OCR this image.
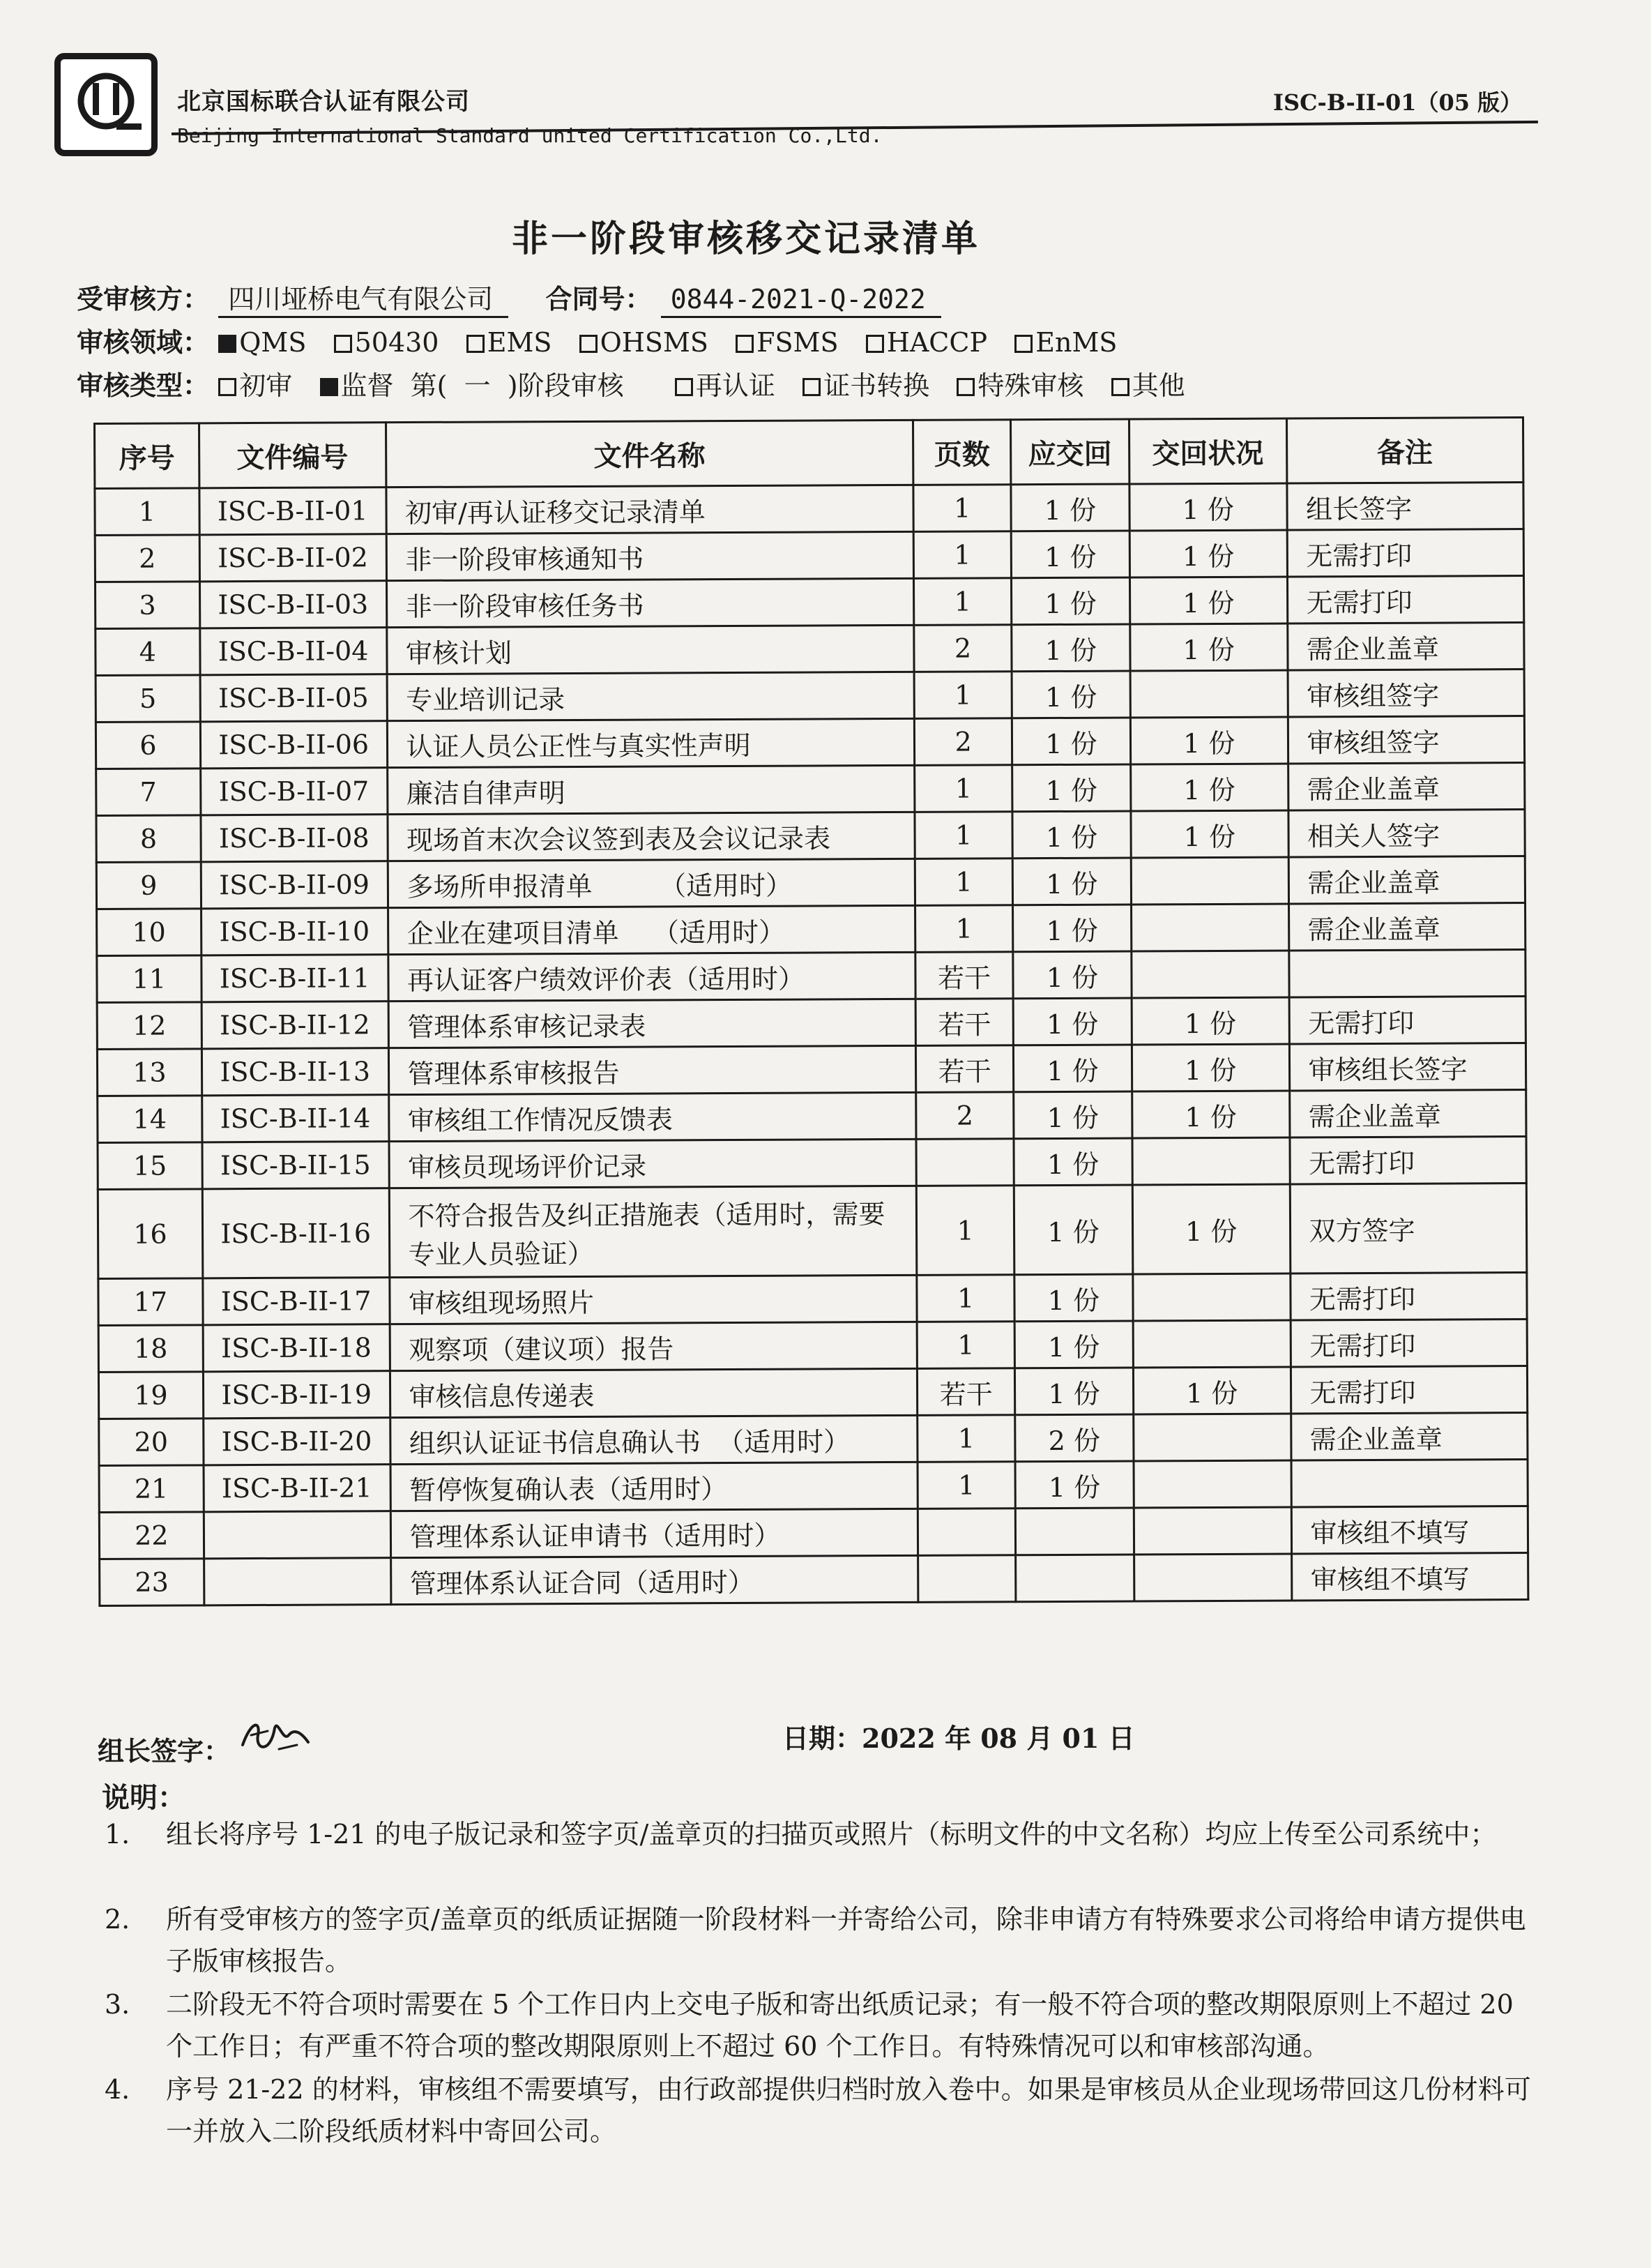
北京国标联合认证有限公司
Beijing International Standard united Certification Co.,Ltd.
ISC-B-II-01（05 版）
非一阶段审核移交记录清单
受审核方： 四川垭桥电气有限公司 合同号： 0844-2021-Q-2022
审核领域： QMS 50430 EMS OHSMS FSMS HACCP EnMS
审核类型： 初审 监督  第(  一  )阶段审核	再认证 证书转换 特殊审核 其他
序号	文件编号	文件名称	页数	应交回	交回状况	备注
1	ISC-B-II-01	初审/再认证移交记录清单	1	1 份	1 份	组长签字
2	ISC-B-II-02	非一阶段审核通知书	1	1 份	1 份	无需打印
3	ISC-B-II-03	非一阶段审核任务书	1	1 份	1 份	无需打印
4	ISC-B-II-04	审核计划	2	1 份	1 份	需企业盖章
5	ISC-B-II-05	专业培训记录	1	1 份		审核组签字
6	ISC-B-II-06	认证人员公正性与真实性声明	2	1 份	1 份	审核组签字
7	ISC-B-II-07	廉洁自律声明	1	1 份	1 份	需企业盖章
8	ISC-B-II-08	现场首末次会议签到表及会议记录表	1	1 份	1 份	相关人签字
9	ISC-B-II-09	多场所申报清单        （适用时）	1	1 份		需企业盖章
10	ISC-B-II-10	企业在建项目清单    （适用时）	1	1 份		需企业盖章
11	ISC-B-II-11	再认证客户绩效评价表（适用时）	若干	1 份		
12	ISC-B-II-12	管理体系审核记录表	若干	1 份	1 份	无需打印
13	ISC-B-II-13	管理体系审核报告	若干	1 份	1 份	审核组长签字
14	ISC-B-II-14	审核组工作情况反馈表	2	1 份	1 份	需企业盖章
15	ISC-B-II-15	审核员现场评价记录		1 份		无需打印
16	ISC-B-II-16	不符合报告及纠正措施表（适用时，需要专业人员验证）	1	1 份	1 份	双方签字
17	ISC-B-II-17	审核组现场照片	1	1 份		无需打印
18	ISC-B-II-18	观察项（建议项）报告	1	1 份		无需打印
19	ISC-B-II-19	审核信息传递表	若干	1 份	1 份	无需打印
20	ISC-B-II-20	组织认证证书信息确认书  （适用时）	1	2 份		需企业盖章
21	ISC-B-II-21	暂停恢复确认表（适用时）	1	1 份		
22		管理体系认证申请书（适用时）				审核组不填写
23		管理体系认证合同（适用时）				审核组不填写
组长签字：	日期：2022 年 08 月 01 日
说明：
1.	组长将序号 1-21 的电子版记录和签字页/盖章页的扫描页或照片（标明文件的中文名称）均应上传至公司系统中；
2.	所有受审核方的签字页/盖章页的纸质证据随一阶段材料一并寄给公司，除非申请方有特殊要求公司将给申请方提供电子版审核报告。
3.	二阶段无不符合项时需要在 5 个工作日内上交电子版和寄出纸质记录；有一般不符合项的整改期限原则上不超过 20 个工作日；有严重不符合项的整改期限原则上不超过 60 个工作日。有特殊情况可以和审核部沟通。
4.	序号 21-22 的材料，审核组不需要填写，由行政部提供归档时放入卷中。如果是审核员从企业现场带回这几份材料可一并放入二阶段纸质材料中寄回公司。
